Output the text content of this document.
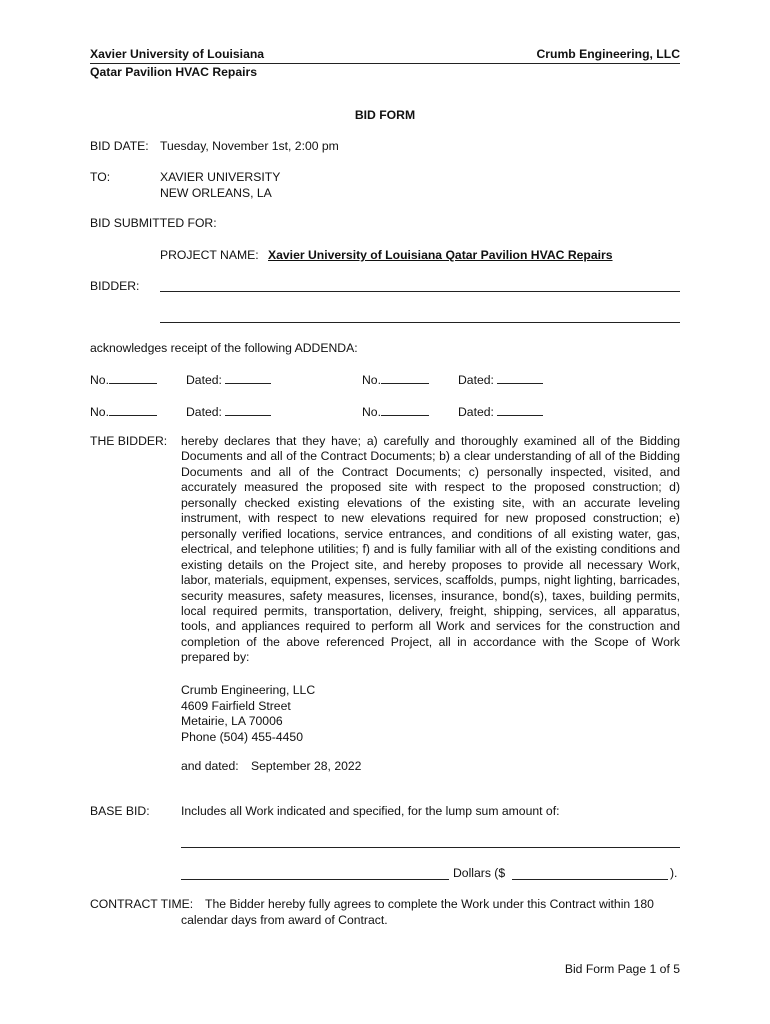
Xavier University of Louisiana	Crumb Engineering, LLC
Qatar Pavilion HVAC Repairs
BID FORM
BID DATE: Tuesday, November 1st, 2:00 pm
TO:	XAVIER UNIVERSITY
NEW ORLEANS, LA
BID SUBMITTED FOR:
PROJECT NAME: Xavier University of Louisiana Qatar Pavilion HVAC Repairs
BIDDER:
acknowledges receipt of the following ADDENDA:
No.	Dated:	No.	Dated:
No.	Dated:	No.	Dated:
THE BIDDER: hereby declares that they have; a) carefully and thoroughly examined all of the Bidding Documents and all of the Contract Documents; b) a clear understanding of all of the Bidding Documents and all of the Contract Documents; c) personally inspected, visited, and accurately measured the proposed site with respect to the proposed construction; d) personally checked existing elevations of the existing site, with an accurate leveling instrument, with respect to new elevations required for new proposed construction; e) personally verified locations, service entrances, and conditions of all existing water, gas, electrical, and telephone utilities; f) and is fully familiar with all of the existing conditions and existing details on the Project site, and hereby proposes to provide all necessary Work, labor, materials, equipment, expenses, services, scaffolds, pumps, night lighting, barricades, security measures, safety measures, licenses, insurance, bond(s), taxes, building permits, local required permits, transportation, delivery, freight, shipping, services, all apparatus, tools, and appliances required to perform all Work and services for the construction and completion of the above referenced Project, all in accordance with the Scope of Work prepared by:
Crumb Engineering, LLC
4609 Fairfield Street
Metairie, LA 70006
Phone (504) 455-4450
and dated: September 28, 2022
BASE BID:	Includes all Work indicated and specified, for the lump sum amount of:
Dollars ($	).
CONTRACT TIME: The Bidder hereby fully agrees to complete the Work under this Contract within 180
calendar days from award of Contract.
Bid Form Page 1 of 5
